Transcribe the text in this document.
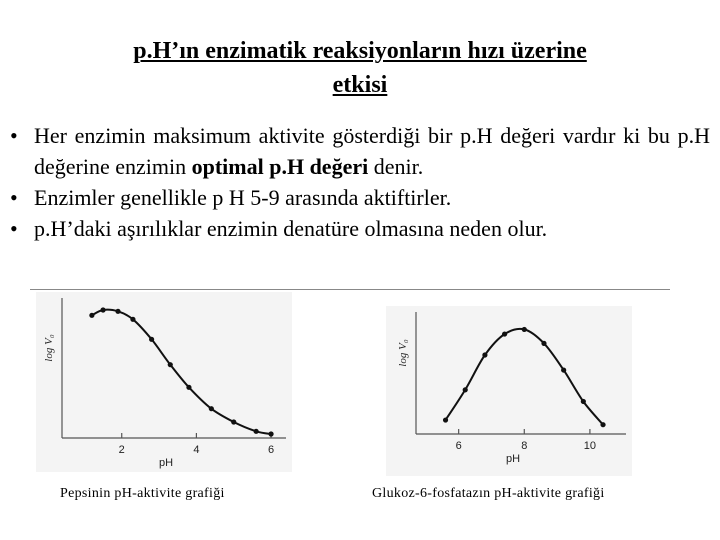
p.H’ın enzimatik reaksiyonların hızı üzerine
etkisi
• Her enzimin maksimum aktivite gösterdiği bir p.H değeri vardır ki bu p.H değerine enzimin optimal p.H değeri denir.
• Enzimler genellikle p H 5-9 arasında aktiftirler.
• p.H’daki aşırılıklar enzimin denatüre olmasına neden olur.
2	4	6
pH
log V₀
6	8	10
pH
log V₀
Pepsinin pH-aktivite grafiği	Glukoz-6-fosfatazın pH-aktivite grafiği
